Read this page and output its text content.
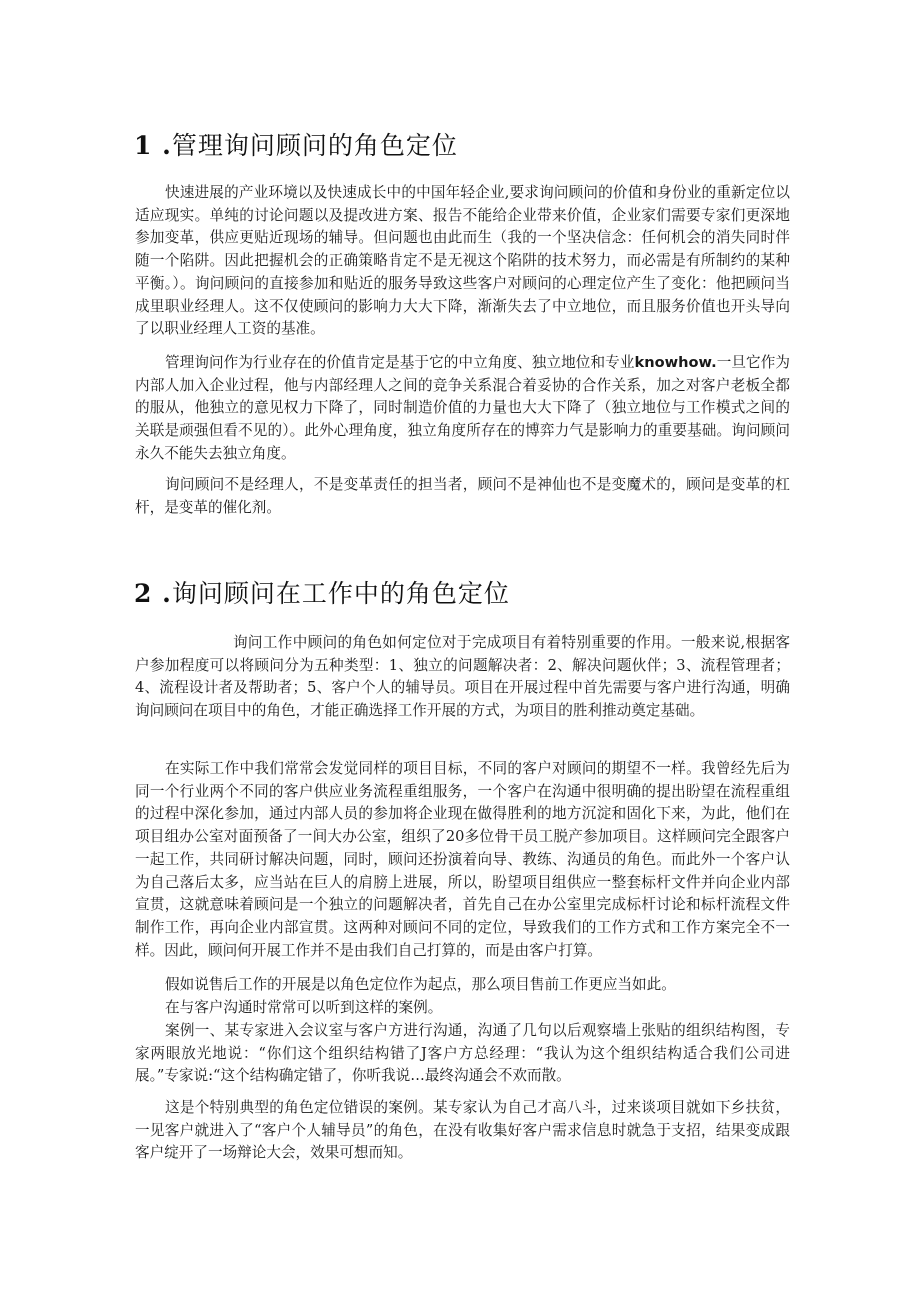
1 .管理询问顾问的角色定位

快速进展的产业环境以及快速成长中的中国年轻企业,要求询问顾问的价值和身份业的重新定位以适应现实。单纯的讨论问题以及提改进方案、报告不能给企业带来价值，企业家们需要专家们更深地参加变革，供应更贴近现场的辅导。但问题也由此而生（我的一个坚决信念：任何机会的消失同时伴随一个陷阱。因此把握机会的正确策略肯定不是无视这个陷阱的技术努力，而必需是有所制约的某种平衡。）。询问顾问的直接参加和贴近的服务导致这些客户对顾问的心理定位产生了变化：他把顾问当成里职业经理人。这不仅使顾问的影响力大大下降，渐渐失去了中立地位，而且服务价值也开头导向了以职业经理人工资的基准。

管理询问作为行业存在的价值肯定是基于它的中立角度、独立地位和专业knowhow.一旦它作为内部人加入企业过程，他与内部经理人之间的竞争关系混合着妥协的合作关系，加之对客户老板全都的服从，他独立的意见权力下降了，同时制造价值的力量也大大下降了（独立地位与工作模式之间的关联是顽强但看不见的）。此外心理角度，独立角度所存在的博弈力气是影响力的重要基础。询问顾问永久不能失去独立角度。

询问顾问不是经理人，不是变革责任的担当者，顾问不是神仙也不是变魔术的，顾问是变革的杠杆，是变革的催化剂。

2 .询问顾问在工作中的角色定位

询问工作中顾问的角色如何定位对于完成项目有着特别重要的作用。一般来说,根据客户参加程度可以将顾问分为五种类型：1、独立的问题解决者：2、解决问题伙伴；3、流程管理者；4、流程设计者及帮助者；5、客户个人的辅导员。项目在开展过程中首先需要与客户进行沟通，明确询问顾问在项目中的角色，才能正确选择工作开展的方式，为项目的胜利推动奠定基础。

在实际工作中我们常常会发觉同样的项目目标，不同的客户对顾问的期望不一样。我曾经先后为同一个行业两个不同的客户供应业务流程重组服务，一个客户在沟通中很明确的提出盼望在流程重组的过程中深化参加，通过内部人员的参加将企业现在做得胜利的地方沉淀和固化下来，为此，他们在项目组办公室对面预备了一间大办公室，组织了20多位骨干员工脱产参加项目。这样顾问完全跟客户一起工作，共同研讨解决问题，同时，顾问还扮演着向导、教练、沟通员的角色。而此外一个客户认为自己落后太多，应当站在巨人的肩膀上进展，所以，盼望项目组供应一整套标杆文件并向企业内部宣贯，这就意味着顾问是一个独立的问题解决者，首先自己在办公室里完成标杆讨论和标杆流程文件制作工作，再向企业内部宣贯。这两种对顾问不同的定位，导致我们的工作方式和工作方案完全不一样。因此，顾问何开展工作并不是由我们自己打算的，而是由客户打算。

假如说售后工作的开展是以角色定位作为起点，那么项目售前工作更应当如此。

在与客户沟通时常常可以听到这样的案例。

案例一、某专家进入会议室与客户方进行沟通，沟通了几句以后观察墙上张贴的组织结构图，专家两眼放光地说：“你们这个组织结构错了J客户方总经理：“我认为这个组织结构适合我们公司进展。”专家说:“这个结构确定错了，你听我说…最终沟通会不欢而散。

这是个特别典型的角色定位错误的案例。某专家认为自己才高八斗，过来谈项目就如下乡扶贫，一见客户就进入了“客户个人辅导员”的角色，在没有收集好客户需求信息时就急于支招，结果变成跟客户绽开了一场辩论大会，效果可想而知。
